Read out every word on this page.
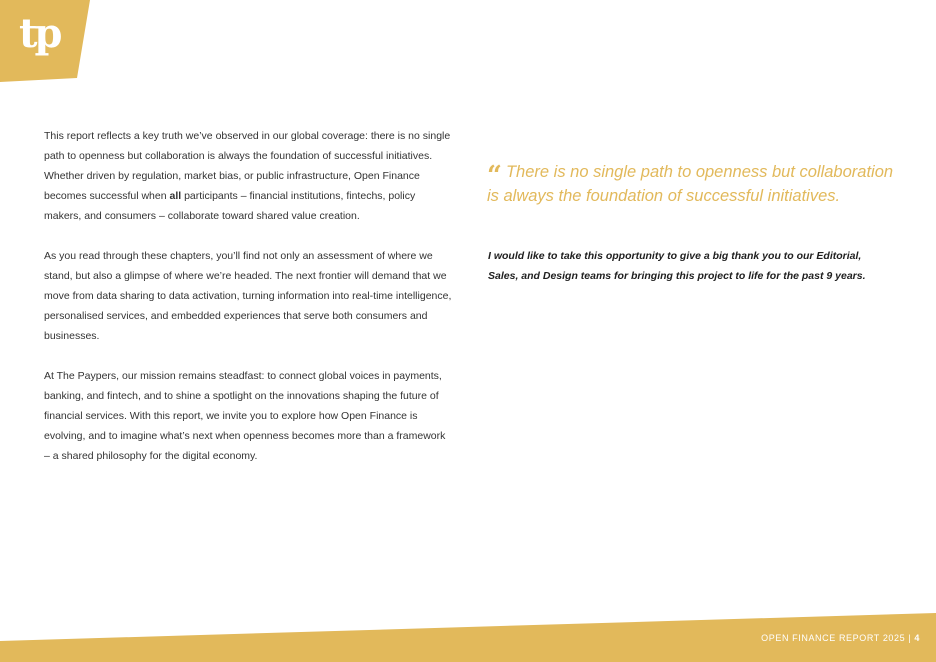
tp

This report reflects a key truth we’ve observed in our global coverage: there is no single path to openness but collaboration is always the foundation of successful initiatives. Whether driven by regulation, market bias, or public infrastructure, Open Finance becomes successful when all participants – financial institutions, fintechs, policy makers, and consumers – collaborate toward shared value creation.

As you read through these chapters, you’ll find not only an assessment of where we stand, but also a glimpse of where we’re headed. The next frontier will demand that we move from data sharing to data activation, turning information into real-time intelligence, personalised services, and embedded experiences that serve both consumers and businesses.

At The Paypers, our mission remains steadfast: to connect global voices in payments, banking, and fintech, and to shine a spotlight on the innovations shaping the future of financial services. With this report, we invite you to explore how Open Finance is evolving, and to imagine what’s next when openness becomes more than a framework – a shared philosophy for the digital economy.

“ There is no single path to openness but collaboration is always the foundation of successful initiatives.
I would like to take this opportunity to give a big thank you to our Editorial, Sales, and Design teams for bringing this project to life for the past 9 years.
OPEN FINANCE REPORT 2025 | 4
